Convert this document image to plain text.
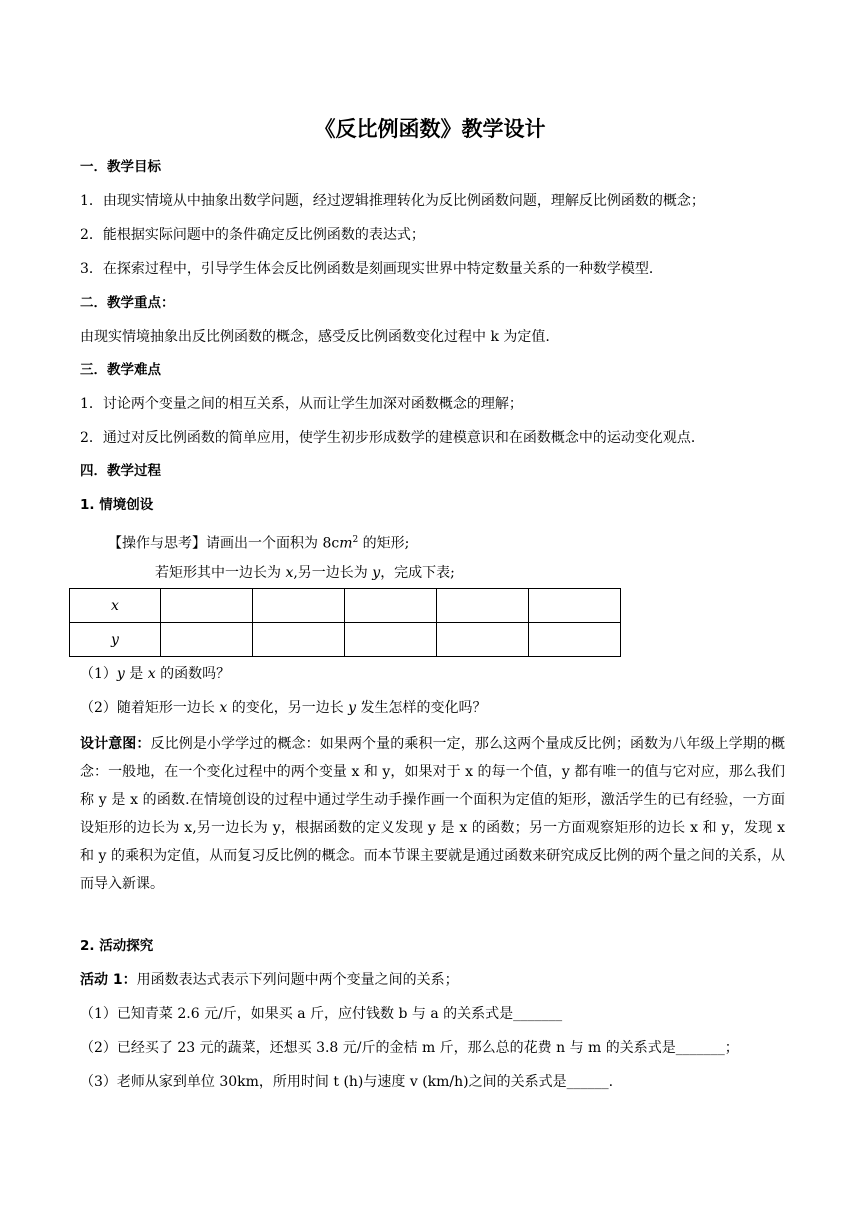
《反比例函数》教学设计
一．教学目标
1．由现实情境从中抽象出数学问题，经过逻辑推理转化为反比例函数问题，理解反比例函数的概念；
2．能根据实际问题中的条件确定反比例函数的表达式；
3．在探索过程中，引导学生体会反比例函数是刻画现实世界中特定数量关系的一种数学模型．
二．教学重点：
由现实情境抽象出反比例函数的概念，感受反比例函数变化过程中 k 为定值.
三．教学难点
1．讨论两个变量之间的相互关系，从而让学生加深对函数概念的理解；
2．通过对反比例函数的简单应用，使学生初步形成数学的建模意识和在函数概念中的运动变化观点．
四．教学过程
1. 情境创设
【操作与思考】请画出一个面积为 $8cm^2$ 的矩形;
若矩形其中一边长为 x,另一边长为 y，完成下表;
x					
y					
（1）y 是 x 的函数吗？
（2）随着矩形一边长 x 的变化，另一边长 y 发生怎样的变化吗？
设计意图：反比例是小学学过的概念：如果两个量的乘积一定，那么这两个量成反比例；函数为八年级上学期的概念：一般地，在一个变化过程中的两个变量 x 和 y，如果对于 x 的每一个值，y 都有唯一的值与它对应，那么我们称 y 是 x 的函数.在情境创设的过程中通过学生动手操作画一个面积为定值的矩形，激活学生的已有经验，一方面设矩形的边长为 x,另一边长为 y，根据函数的定义发现 y 是 x 的函数；另一方面观察矩形的边长 x 和 y，发现 x 和 y 的乘积为定值，从而复习反比例的概念。而本节课主要就是通过函数来研究成反比例的两个量之间的关系，从而导入新课。
2. 活动探究
活动 1：用函数表达式表示下列问题中两个变量之间的关系；
（1）已知青菜 2.6 元/斤，如果买 a 斤，应付钱数 b 与 a 的关系式是_______
（2）已经买了 23 元的蔬菜，还想买 3.8 元/斤的金桔 m 斤，那么总的花费 n 与 m 的关系式是_______；
（3）老师从家到单位 30km，所用时间 t (h)与速度 v (km/h)之间的关系式是______.
